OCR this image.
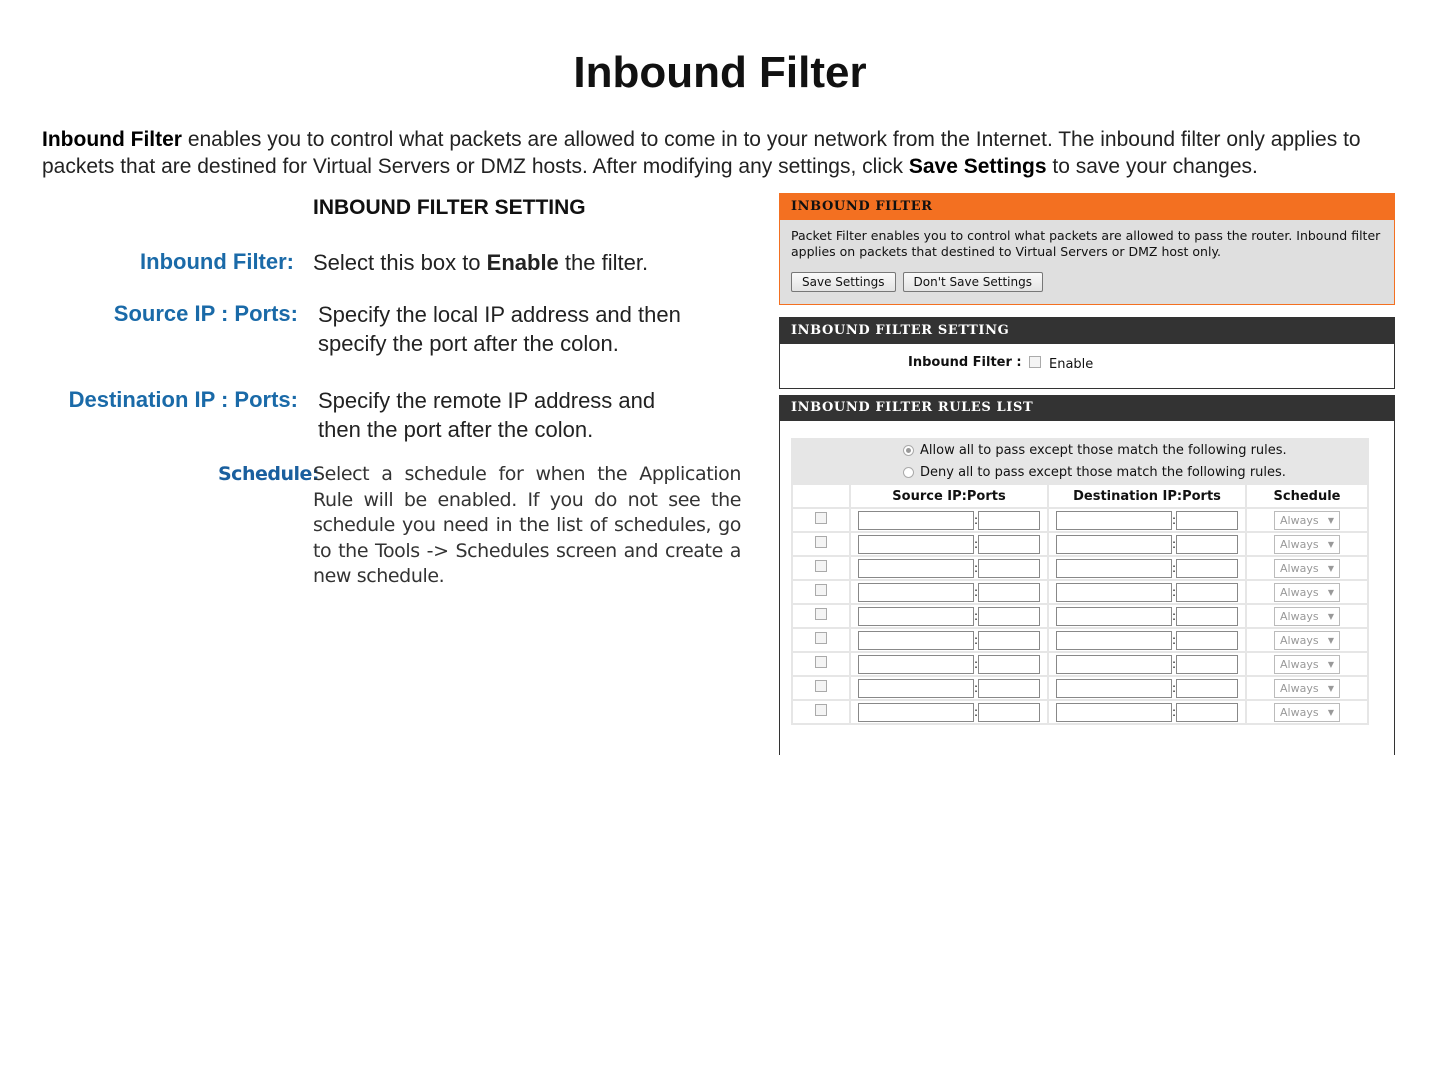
Inbound Filter

Inbound Filter enables you to control what packets are allowed to come in to your network from the Internet. The inbound filter only applies to packets that are destined for Virtual Servers or DMZ hosts. After modifying any settings, click Save Settings to save your changes.

INBOUND FILTER SETTING
Inbound Filter: Select this box to Enable the filter.
Source IP : Ports: Specify the local IP address and then
specify the port after the colon.
Destination IP : Ports: Specify the remote IP address and
then the port after the colon.
Schedule:
Select a schedule for when the Application Rule will be enabled. If you do not see the schedule you need in the list of schedules, go to the Tools -> Schedules screen and create a new schedule.
INBOUND FILTER
Packet Filter enables you to control what packets are allowed to pass the router. Inbound filter applies on packets that destined to Virtual Servers or DMZ host only.
Save Settings	Don't Save Settings
INBOUND FILTER SETTING
Inbound Filter : Enable
INBOUND FILTER RULES LIST
Allow all to pass except those match the following rules.
Deny all to pass except those match the following rules.
	Source IP:Ports	Destination IP:Ports	Schedule
	:	:	Always ▼

	:	:	Always ▼

	:	:	Always ▼

	:	:	Always ▼

	:	:	Always ▼

	:	:	Always ▼

	:	:	Always ▼

	:	:	Always ▼

	:	:	Always ▼
